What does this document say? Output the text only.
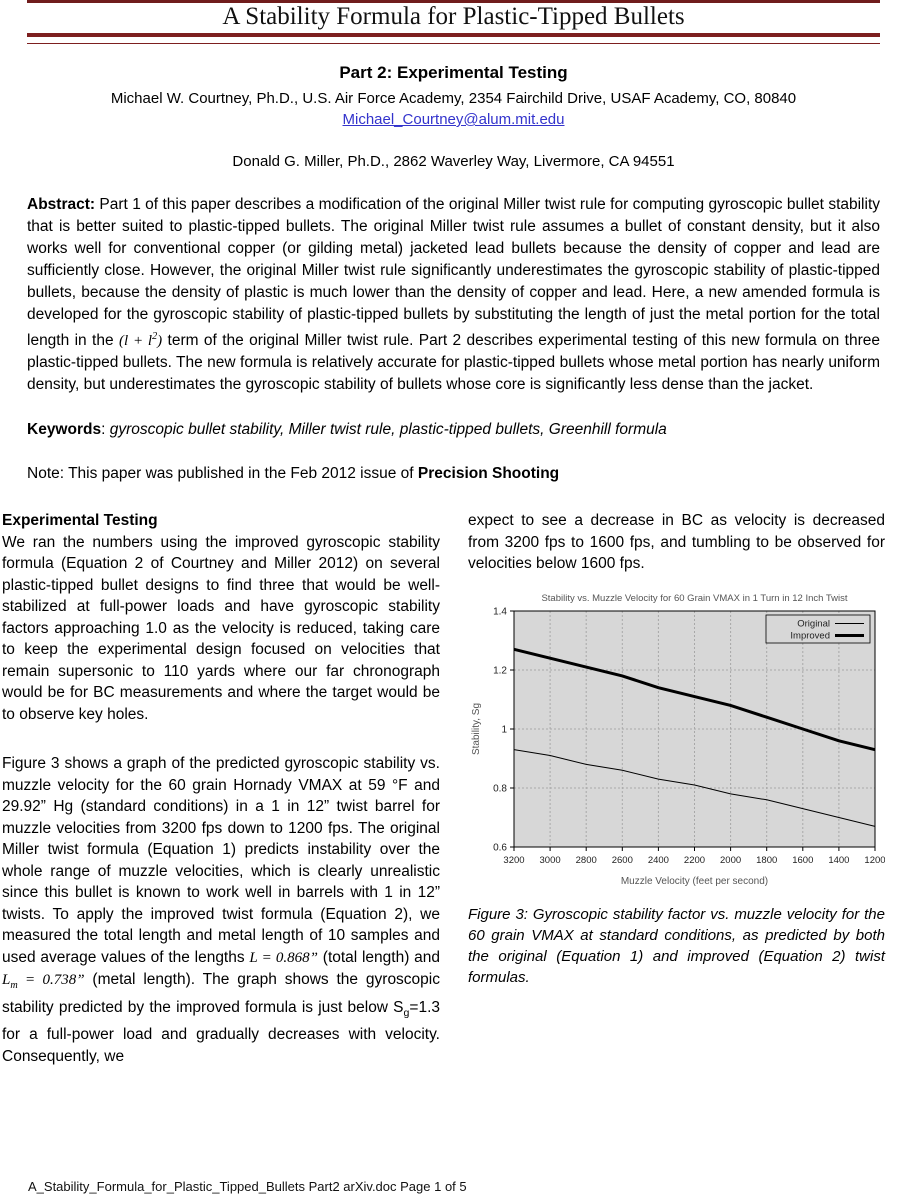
A Stability Formula for Plastic-Tipped Bullets
Part 2: Experimental Testing

Michael W. Courtney, Ph.D., U.S. Air Force Academy, 2354 Fairchild Drive, USAF Academy, CO, 80840

Michael_Courtney@alum.mit.edu

Donald G. Miller, Ph.D., 2862 Waverley Way, Livermore, CA 94551

Abstract: Part 1 of this paper describes a modification of the original Miller twist rule for computing gyroscopic bullet stability that is better suited to plastic-tipped bullets. The original Miller twist rule assumes a bullet of constant density, but it also works well for conventional copper (or gilding metal) jacketed lead bullets because the density of copper and lead are sufficiently close. However, the original Miller twist rule significantly underestimates the gyroscopic stability of plastic-tipped bullets, because the density of plastic is much lower than the density of copper and lead. Here, a new amended formula is developed for the gyroscopic stability of plastic-tipped bullets by substituting the length of just the metal portion for the total length in the $(l + l^2)$ term of the original Miller twist rule. Part 2 describes experimental testing of this new formula on three plastic-tipped bullets. The new formula is relatively accurate for plastic-tipped bullets whose metal portion has nearly uniform density, but underestimates the gyroscopic stability of bullets whose core is significantly less dense than the jacket.

Keywords: gyroscopic bullet stability, Miller twist rule, plastic-tipped bullets, Greenhill formula

Note: This paper was published in the Feb 2012 issue of Precision Shooting

Experimental Testing

We ran the numbers using the improved gyroscopic stability formula (Equation 2 of Courtney and Miller 2012) on several plastic-tipped bullet designs to find three that would be well-stabilized at full-power loads and have gyroscopic stability factors approaching 1.0 as the velocity is reduced, taking care to keep the experimental design focused on velocities that remain supersonic to 110 yards where our far chronograph would be for BC measurements and where the target would be to observe key holes.

Figure 3 shows a graph of the predicted gyroscopic stability vs. muzzle velocity for the 60 grain Hornady VMAX at 59 °F and 29.92” Hg (standard conditions) in a 1 in 12” twist barrel for muzzle velocities from 3200 fps down to 1200 fps. The original Miller twist formula (Equation 1) predicts instability over the whole range of muzzle velocities, which is clearly unrealistic since this bullet is known to work well in barrels with 1 in 12” twists. To apply the improved twist formula (Equation 2), we measured the total length and metal length of 10 samples and used average values of the lengths L = 0.868” (total length) and $L_m = 0.738$” (metal length). The graph shows the gyroscopic stability predicted by the improved formula is just below $S_g=1.3$ for a full-power load and gradually decreases with velocity. Consequently, we

expect to see a decrease in BC as velocity is decreased from 3200 fps to 1600 fps, and tumbling to be observed for velocities below 1600 fps.

Stability vs. Muzzle Velocity for 60 Grain VMAX in 1 Turn in 12 Inch Twist
0.6
0.8
1
1.2
1.4
3200 3000 2800 2600 2400 2200 2000 1800 1600 1400 1200
Muzzle Velocity (feet per second)
Stability, Sg
Original
Improved
Figure 3: Gyroscopic stability factor vs. muzzle velocity for the 60 grain VMAX at standard conditions, as predicted by both the original (Equation 1) and improved (Equation 2) twist formulas.
A_Stability_Formula_for_Plastic_Tipped_Bullets Part2 arXiv.doc Page 1 of 5
